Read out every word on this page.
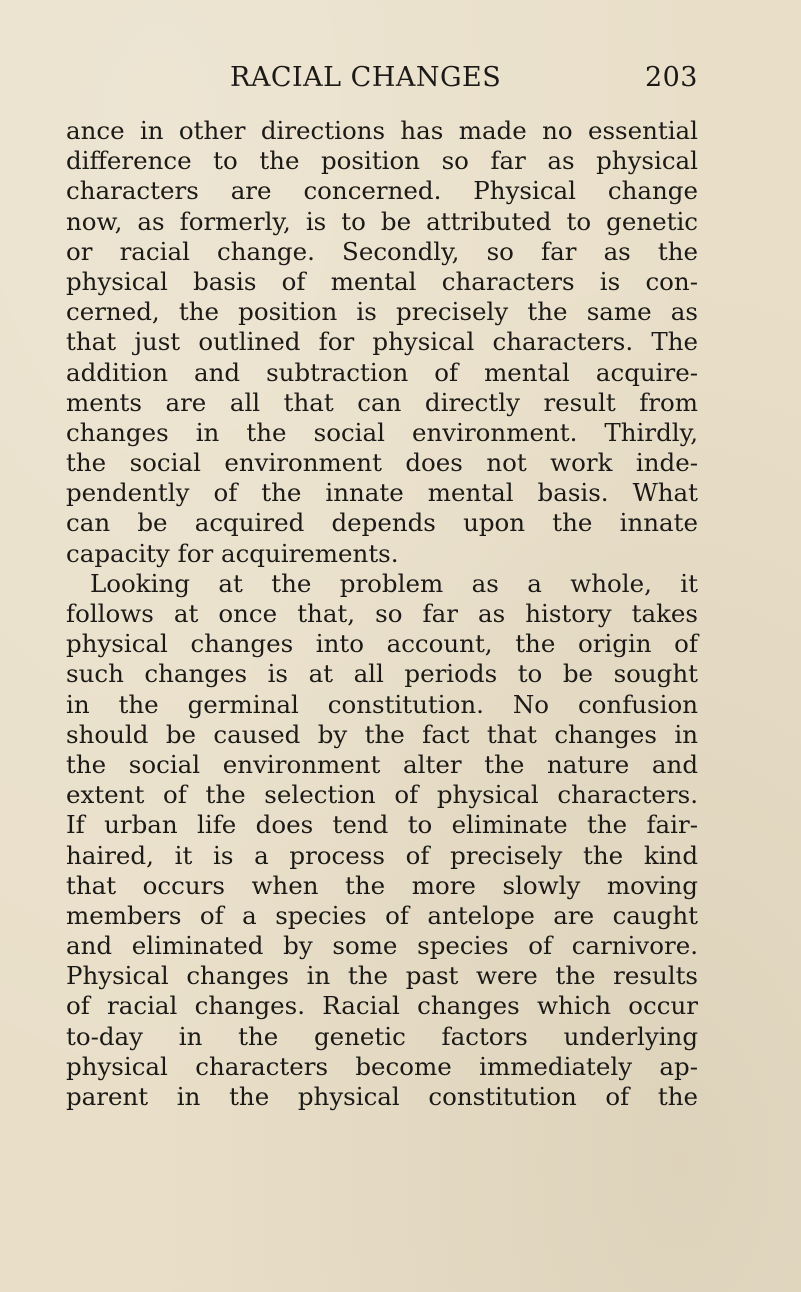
RACIAL CHANGES	203
ance in other directions has made no essential
difference to the position so far as physical
characters are concerned. Physical change
now, as formerly, is to be attributed to genetic
or racial change. Secondly, so far as the
physical basis of mental characters is con-
cerned, the position is precisely the same as
that just outlined for physical characters. The
addition and subtraction of mental acquire-
ments are all that can directly result from
changes in the social environment. Thirdly,
the social environment does not work inde-
pendently of the innate mental basis. What
can be acquired depends upon the innate
capacity for acquirements.
Looking at the problem as a whole, it
follows at once that, so far as history takes
physical changes into account, the origin of
such changes is at all periods to be sought
in the germinal constitution. No confusion
should be caused by the fact that changes in
the social environment alter the nature and
extent of the selection of physical characters.
If urban life does tend to eliminate the fair-
haired, it is a process of precisely the kind
that occurs when the more slowly moving
members of a species of antelope are caught
and eliminated by some species of carnivore.
Physical changes in the past were the results
of racial changes. Racial changes which occur
to-day in the genetic factors underlying
physical characters become immediately ap-
parent in the physical constitution of the
